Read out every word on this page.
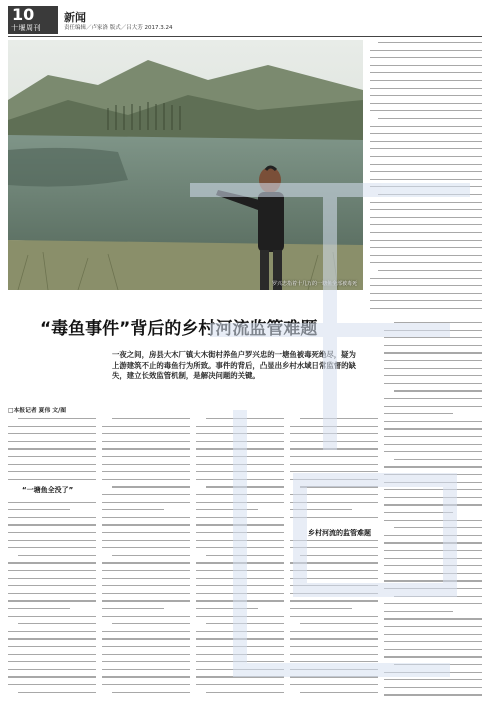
10
十堰周刊
新闻
责任编辑／卢家洛 版式／吕大芳 2017.3.24
罗兴忠指着十几万的一塘鱼全部被毒死
“毒鱼事件”背后的乡村河流监管难题
一夜之间，房县大木厂镇大木街村养鱼户罗兴忠的一塘鱼被毒死绝尽，疑为上游建筑不止的毒鱼行为所致。事件的背后，凸显出乡村水域日常监督的缺失，建立长效监管机制，是解决问题的关键。
□本报记者 夏伟 文/图
“一塘鱼全没了”
乡村河流的监管难题
